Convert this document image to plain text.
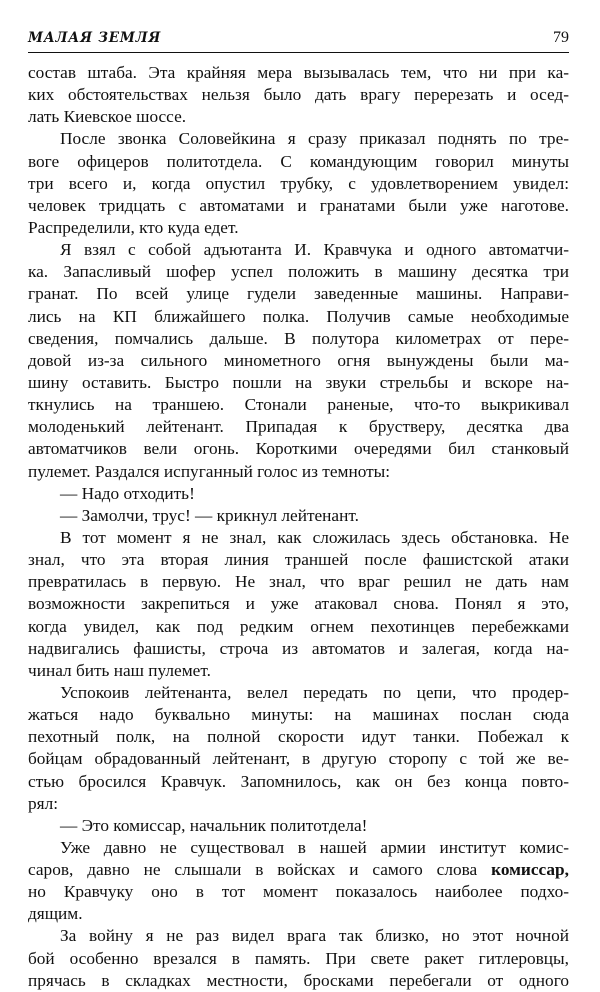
МАЛАЯ ЗЕМЛЯ	79
состав штаба. Эта крайняя мера вызывалась тем, что ни при ка-
ких обстоятельствах нельзя было дать врагу перерезать и осед-
лать Киевское шоссе.
После звонка Соловейкина я сразу приказал поднять по тре-
воге офицеров политотдела. С командующим говорил минуты
три всего и, когда опустил трубку, с удовлетворением увидел:
человек тридцать с автоматами и гранатами были уже наготове.
Распределили, кто куда едет.
Я взял с собой адъютанта И. Кравчука и одного автоматчи-
ка. Запасливый шофер успел положить в машину десятка три
гранат. По всей улице гудели заведенные машины. Направи-
лись на КП ближайшего полка. Получив самые необходимые
сведения, помчались дальше. В полутора километрах от пере-
довой из-за сильного минометного огня вынуждены были ма-
шину оставить. Быстро пошли на звуки стрельбы и вскоре на-
ткнулись на траншею. Стонали раненые, что-то выкрикивал
молоденький лейтенант. Припадая к брустверу, десятка два
автоматчиков вели огонь. Короткими очередями бил станковый
пулемет. Раздался испуганный голос из темноты:
— Надо отходить!
— Замолчи, трус! — крикнул лейтенант.
В тот момент я не знал, как сложилась здесь обстановка. Не
знал, что эта вторая линия траншей после фашистской атаки
превратилась в первую. Не знал, что враг решил не дать нам
возможности закрепиться и уже атаковал снова. Понял я это,
когда увидел, как под редким огнем пехотинцев перебежками
надвигались фашисты, строча из автоматов и залегая, когда на-
чинал бить наш пулемет.
Успокоив лейтенанта, велел передать по цепи, что продер-
жаться надо буквально минуты: на машинах послан сюда
пехотный полк, на полной скорости идут танки. Побежал к
бойцам обрадованный лейтенант, в другую сторопу с той же ве-
стью бросился Кравчук. Запомнилось, как он без конца повто-
рял:
— Это комиссар, начальник политотдела!
Уже давно не существовал в нашей армии институт комис-
саров, давно не слышали в войсках и самого слова комиссар,
но Кравчуку оно в тот момент показалось наиболее подхо-
дящим.
За войну я не раз видел врага так близко, но этот ночной
бой особенно врезался в память. При свете ракет гитлеровцы,
прячась в складках местности, бросками перебегали от одного
